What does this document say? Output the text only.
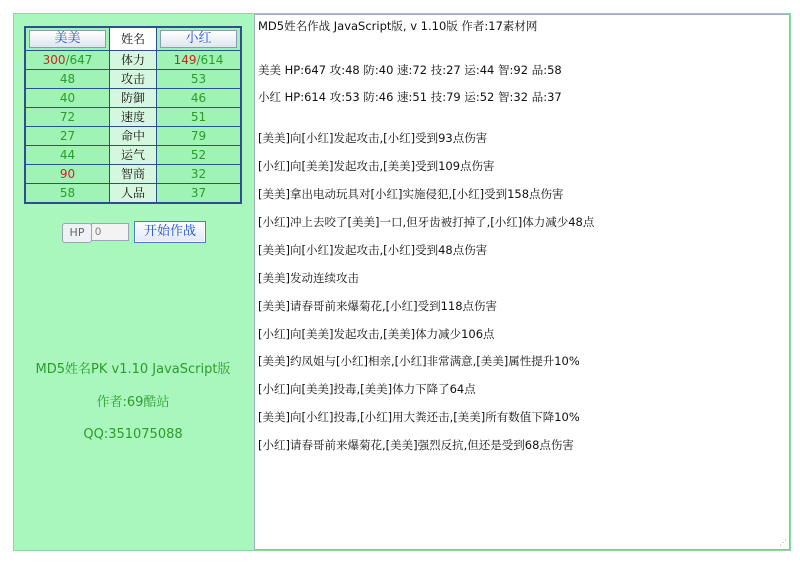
美美	姓名	小红

300/647	体力	149/614
48	攻击	53
40	防御	46
72	速度	51
27	命中	79
44	运气	52
90	智商	32
58	人品	37
HP
0	开始作战
MD5姓名PK v1.10 JavaScript版
作者:69酷站
QQ:351075088
MD5姓名作战 JavaScript版, v 1.10版 作者:17素材网
美美 HP:647 攻:48 防:40 速:72 技:27 运:44 智:92 品:58
小红 HP:614 攻:53 防:46 速:51 技:79 运:52 智:32 品:37
[美美]向[小红]发起攻击,[小红]受到93点伤害
[小红]向[美美]发起攻击,[美美]受到109点伤害
[美美]拿出电动玩具对[小红]实施侵犯,[小红]受到158点伤害
[小红]冲上去咬了[美美]一口,但牙齿被打掉了,[小红]体力减少48点
[美美]向[小红]发起攻击,[小红]受到48点伤害
[美美]发动连续攻击
[美美]请春哥前来爆菊花,[小红]受到118点伤害
[小红]向[美美]发起攻击,[美美]体力减少106点
[美美]约凤姐与[小红]相亲,[小红]非常满意,[美美]属性提升10%
[小红]向[美美]投毒,[美美]体力下降了64点
[美美]向[小红]投毒,[小红]用大粪还击,[美美]所有数值下降10%
[小红]请春哥前来爆菊花,[美美]强烈反抗,但还是受到68点伤害
⋰
